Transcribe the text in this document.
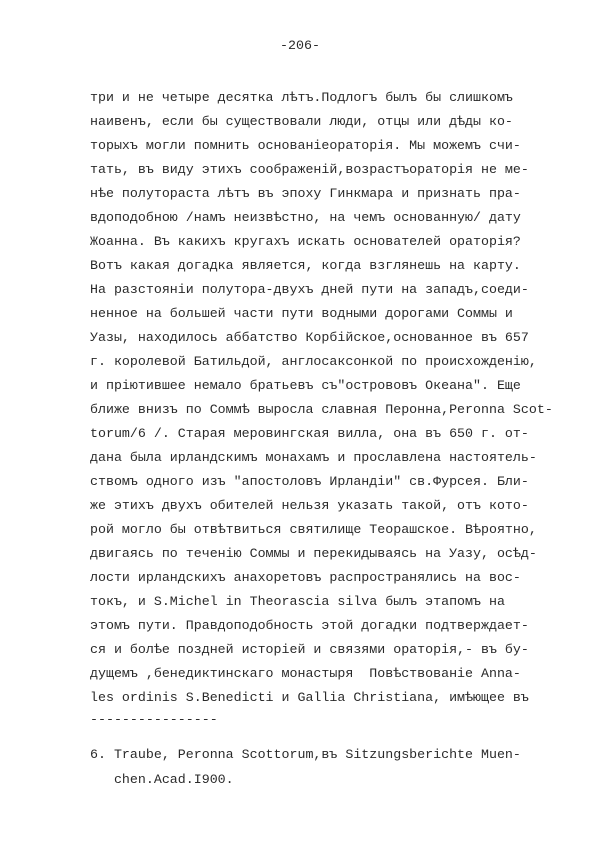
-206-
три и не четыре десятка лѣтъ.Подлогъ былъ бы слишкомъ
наивенъ, если бы существовали люди, отцы или дѣды ко-
торыхъ могли помнить основанiеораторiя. Мы можемъ счи-
тать, въ виду этихъ соображенiй,возрастъораторiя не ме-
нѣе полутораста лѣтъ въ эпоху Гинкмара и признать пра-
вдоподобною /намъ неизвѣстно, на чемъ основанную/ дату
Жоанна. Въ какихъ кругахъ искать основателей ораторiя?
Вотъ какая догадка является, когда взглянешь на карту.
На разстоянiи полутора-двухъ дней пути на западъ,соеди-
ненное на большей части пути водными дорогами Соммы и
Уазы, находилось аббатство Корбiйское,основанное въ 657
г. королевой Батильдой, англосаксонкой по происхожденiю,
и прiютившее немало братьевъ съ"острововъ Океана". Еще
ближе внизъ по Соммѣ выросла славная Перонна,Peronna Scot-
torum/6 /. Старая меровингская вилла, она въ 650 г. от-
дана была ирландскимъ монахамъ и прославлена настоятель-
ствомъ одного изъ "апостоловъ Ирландiи" св.Фурсея. Бли-
же этихъ двухъ обителей нельзя указать такой, отъ кото-
рой могло бы отвѣтвиться святилище Теорашское. Вѣроятно,
двигаясь по теченiю Соммы и перекидываясь на Уазу, осѣд-
лости ирландскихъ анахоретовъ распространялись на вос-
токъ, и S.Michel in Theorascia silva былъ этапомъ на
этомъ пути. Правдоподобность этой догадки подтверждает-
ся и болѣе поздней исторiей и связями ораторiя,- въ бу-
дущемъ ,бенедиктинскаго монастыря  Повѣствованiе Anna-
les ordinis S.Benedicti и Gallia Christiana, имѣющее въ
----------------
6. Traube, Peronna Scottorum,въ Sitzungsberichte Muen-
chen.Acad.I900.
